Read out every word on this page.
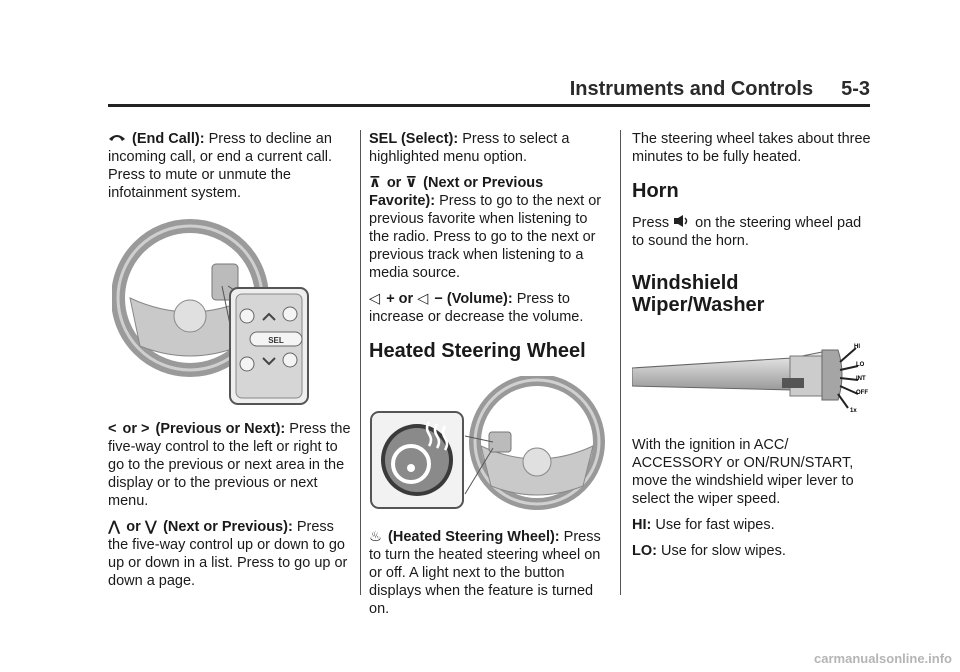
Instruments and Controls 5-3

(End Call): Press to decline an incoming call, or end a current call. Press to mute or unmute the infotainment system.

SEL

< or > (Previous or Next): Press the five-way control to the left or right to go to the previous or next area in the display or to the previous or next menu.

⋀ or ⋁ (Next or Previous): Press the five-way control up or down to go up or down in a list. Press to go up or down a page.

SEL (Select): Press to select a highlighted menu option.

⊼ or ⊽ (Next or Previous Favorite): Press to go to the next or previous favorite when listening to the radio. Press to go to the next or previous track when listening to a media source.

◁ + or ◁ − (Volume): Press to increase or decrease the volume.

Heated Steering Wheel

♨ (Heated Steering Wheel): Press to turn the heated steering wheel on or off. A light next to the button displays when the feature is turned on.

The steering wheel takes about three minutes to be fully heated.

Horn

Press on the steering wheel pad to sound the horn.

Windshield Wiper/Washer
HI
LO
INT
OFF
1x

With the ignition in ACC/ ACCESSORY or ON/RUN/START, move the windshield wiper lever to select the wiper speed.

HI: Use for fast wipes.

LO: Use for slow wipes.

carmanualsonline.info
